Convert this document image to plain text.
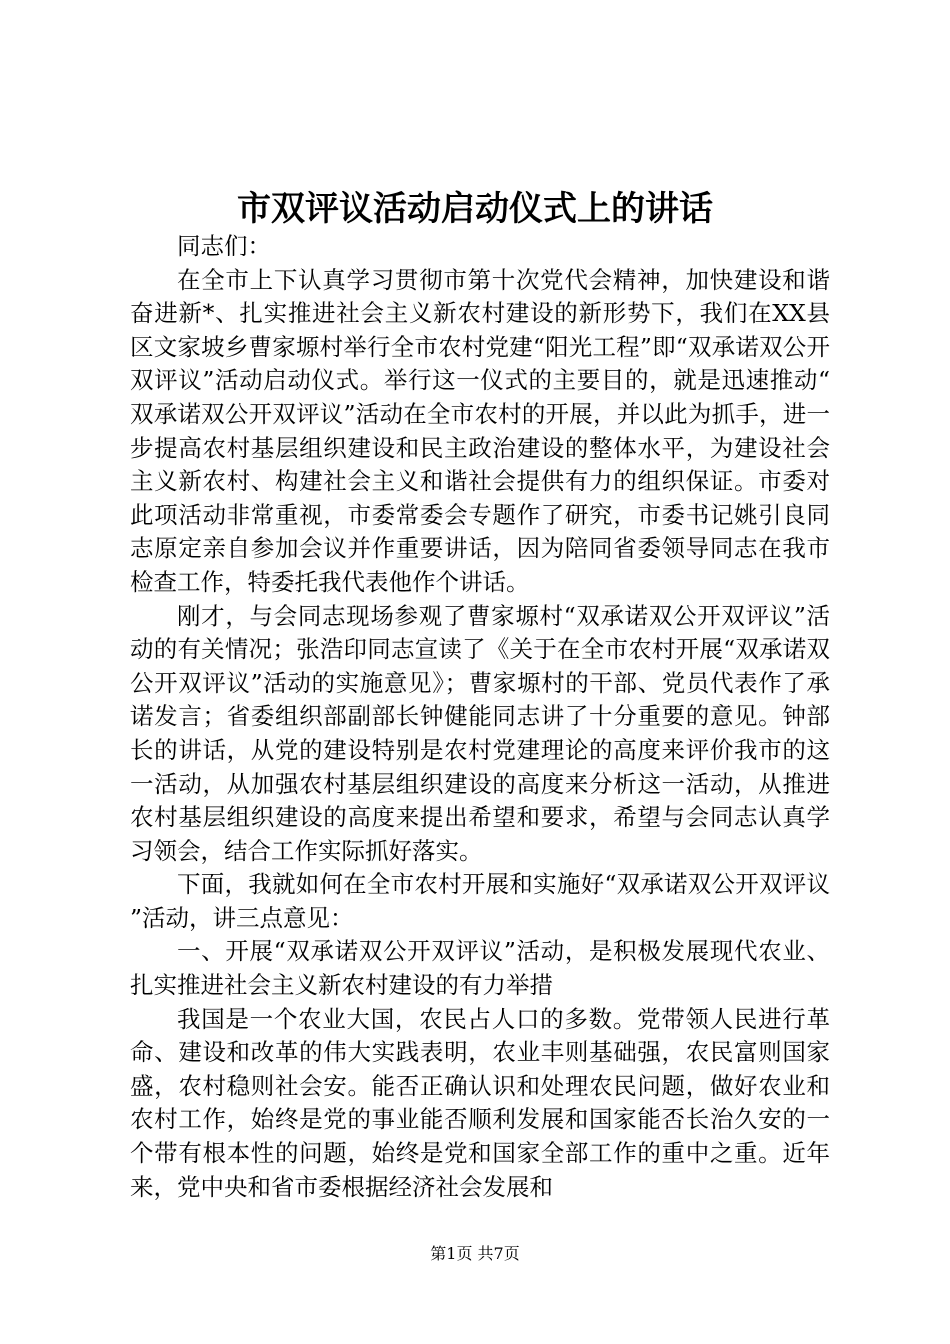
市双评议活动启动仪式上的讲话

同志们：

在全市上下认真学习贯彻市第十次党代会精神，加快建设和谐奋进新*、扎实推进社会主义新农村建设的新形势下，我们在XX县区文家坡乡曹家塬村举行全市农村党建“阳光工程”即“双承诺双公开双评议”活动启动仪式。举行这一仪式的主要目的，就是迅速推动“双承诺双公开双评议”活动在全市农村的开展，并以此为抓手，进一步提高农村基层组织建设和民主政治建设的整体水平，为建设社会主义新农村、构建社会主义和谐社会提供有力的组织保证。市委对此项活动非常重视，市委常委会专题作了研究，市委书记姚引良同志原定亲自参加会议并作重要讲话，因为陪同省委领导同志在我市检查工作，特委托我代表他作个讲话。

刚才，与会同志现场参观了曹家塬村“双承诺双公开双评议”活动的有关情况；张浩印同志宣读了《关于在全市农村开展“双承诺双公开双评议”活动的实施意见》；曹家塬村的干部、党员代表作了承诺发言；省委组织部副部长钟健能同志讲了十分重要的意见。钟部长的讲话，从党的建设特别是农村党建理论的高度来评价我市的这一活动，从加强农村基层组织建设的高度来分析这一活动，从推进农村基层组织建设的高度来提出希望和要求，希望与会同志认真学习领会，结合工作实际抓好落实。

下面，我就如何在全市农村开展和实施好“双承诺双公开双评议”活动，讲三点意见：

一、开展“双承诺双公开双评议”活动，是积极发展现代农业、扎实推进社会主义新农村建设的有力举措

我国是一个农业大国，农民占人口的多数。党带领人民进行革命、建设和改革的伟大实践表明，农业丰则基础强，农民富则国家盛，农村稳则社会安。能否正确认识和处理农民问题，做好农业和农村工作，始终是党的事业能否顺利发展和国家能否长治久安的一个带有根本性的问题，始终是党和国家全部工作的重中之重。近年来，党中央和省市委根据经济社会发展和

第1页 共7页
